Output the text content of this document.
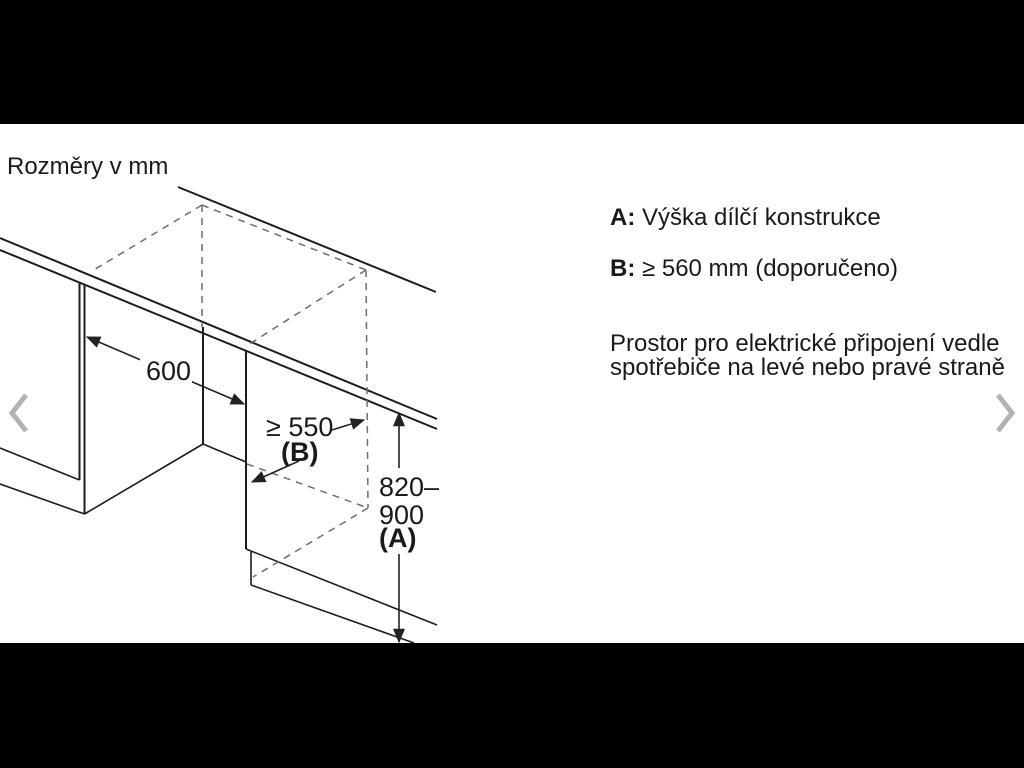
Rozměry v mm
A: Výška dílčí konstrukce
B: ≥ 560 mm (doporučeno)
Prostor pro elektrické připojení vedle
spotřebiče na levé nebo pravé straně
600
≥ 550
(B)
820–
900
(A)
